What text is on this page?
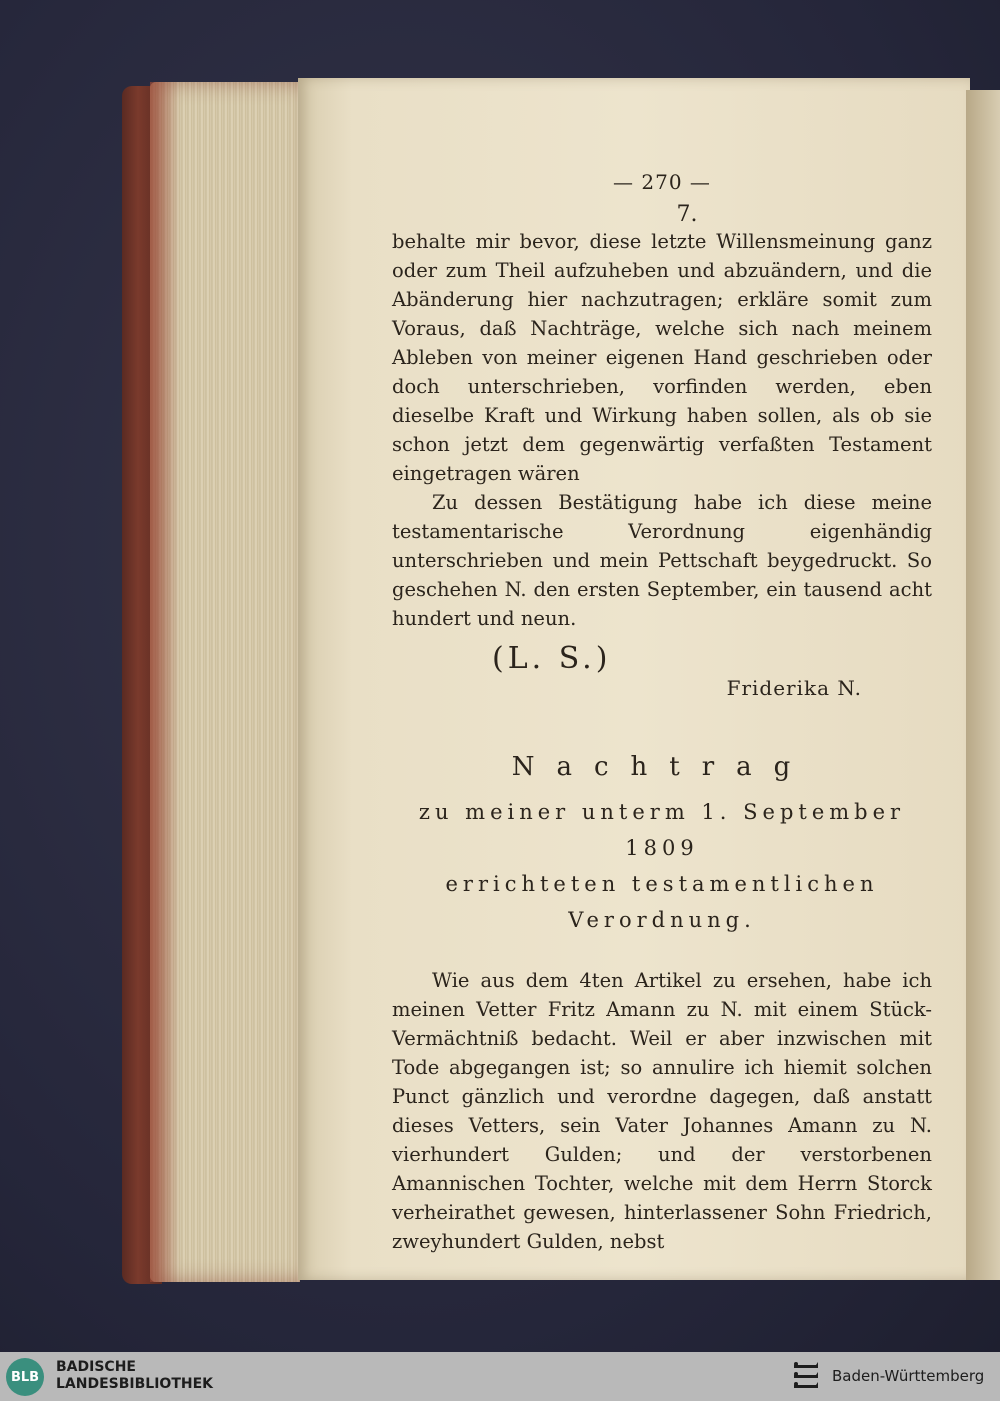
— 270 —
7.

behalte mir bevor, diese letzte Willensmeinung ganz oder zum Theil aufzuheben und abzuändern, und die Abänderung hier nachzutragen; erkläre somit zum Voraus, daß Nachträge, welche sich nach meinem Ableben von meiner eigenen Hand geschrieben oder doch unterschrieben, vorfinden werden, eben dieselbe Kraft und Wirkung haben sollen, als ob sie schon jetzt dem gegenwärtig verfaßten Testament eingetragen wären

Zu dessen Bestätigung habe ich diese meine testamentarische Verordnung eigenhändig unterschrieben und mein Pettschaft beygedruckt. So geschehen N. den ersten September, ein tausend acht hundert und neun.

(L. S.)
Friderika N.
Nachtrag
zu meiner unterm 1. September 1809
errichteten testamentlichen
Verordnung.

Wie aus dem 4ten Artikel zu ersehen, habe ich meinen Vetter Fritz Amann zu N. mit einem Stück-Vermächtniß bedacht. Weil er aber inzwischen mit Tode abgegangen ist; so annulire ich hiemit solchen Punct gänzlich und verordne dagegen, daß anstatt dieses Vetters, sein Vater Johannes Amann zu N. vierhundert Gulden; und der verstorbenen Amannischen Tochter, welche mit dem Herrn Storck verheirathet gewesen, hinterlassener Sohn Friedrich, zweyhundert Gulden, nebst

BLB
BADISCHE
LANDESBIBLIOTHEK	Baden-Württemberg
